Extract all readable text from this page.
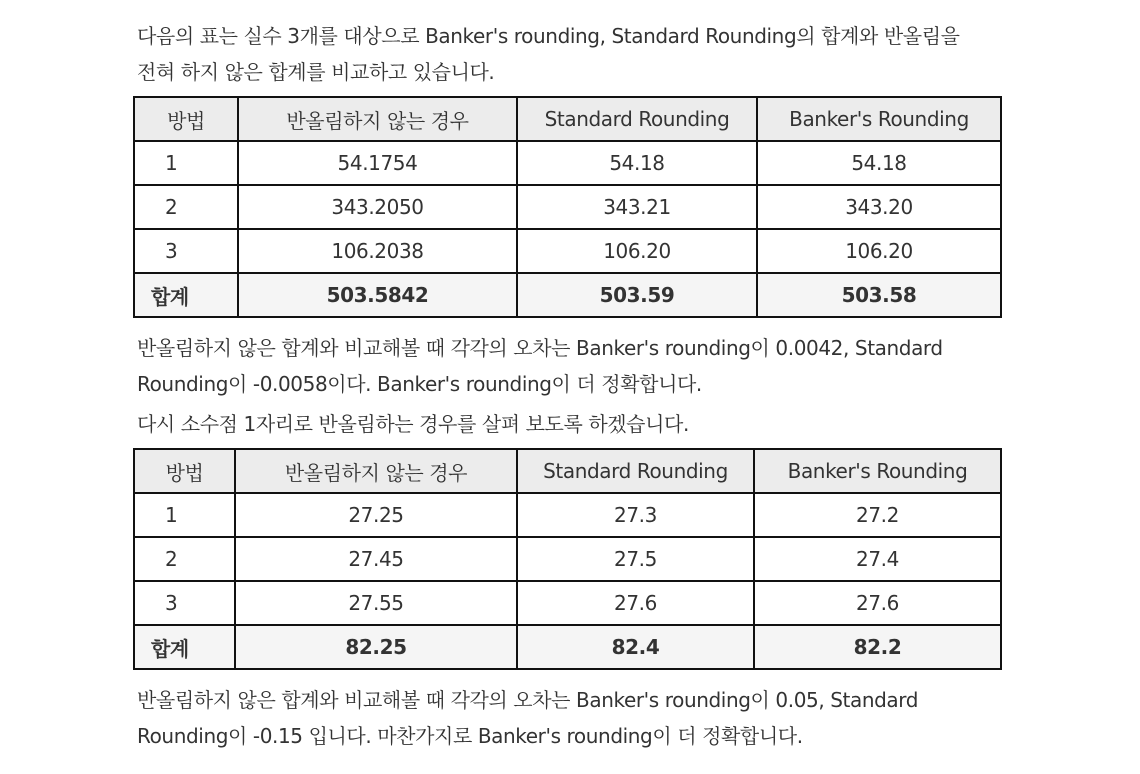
다음의 표는 실수 3개를 대상으로 Banker's rounding, Standard Rounding의 합계와 반올림을
전혀 하지 않은 합계를 비교하고 있습니다.

방법	반올림하지 않는 경우	Standard Rounding	Banker's Rounding
1	54.1754	54.18	54.18
2	343.2050	343.21	343.20
3	106.2038	106.20	106.20
합계	503.5842	503.59	503.58

반올림하지 않은 합계와 비교해볼 때 각각의 오차는 Banker's rounding이 0.0042, Standard
Rounding이 -0.0058이다. Banker's rounding이 더 정확합니다.

다시 소수점 1자리로 반올림하는 경우를 살펴 보도록 하겠습니다.

방법	반올림하지 않는 경우	Standard Rounding	Banker's Rounding
1	27.25	27.3	27.2
2	27.45	27.5	27.4
3	27.55	27.6	27.6
합계	82.25	82.4	82.2

반올림하지 않은 합계와 비교해볼 때 각각의 오차는 Banker's rounding이 0.05, Standard
Rounding이 -0.15 입니다. 마찬가지로 Banker's rounding이 더 정확합니다.
